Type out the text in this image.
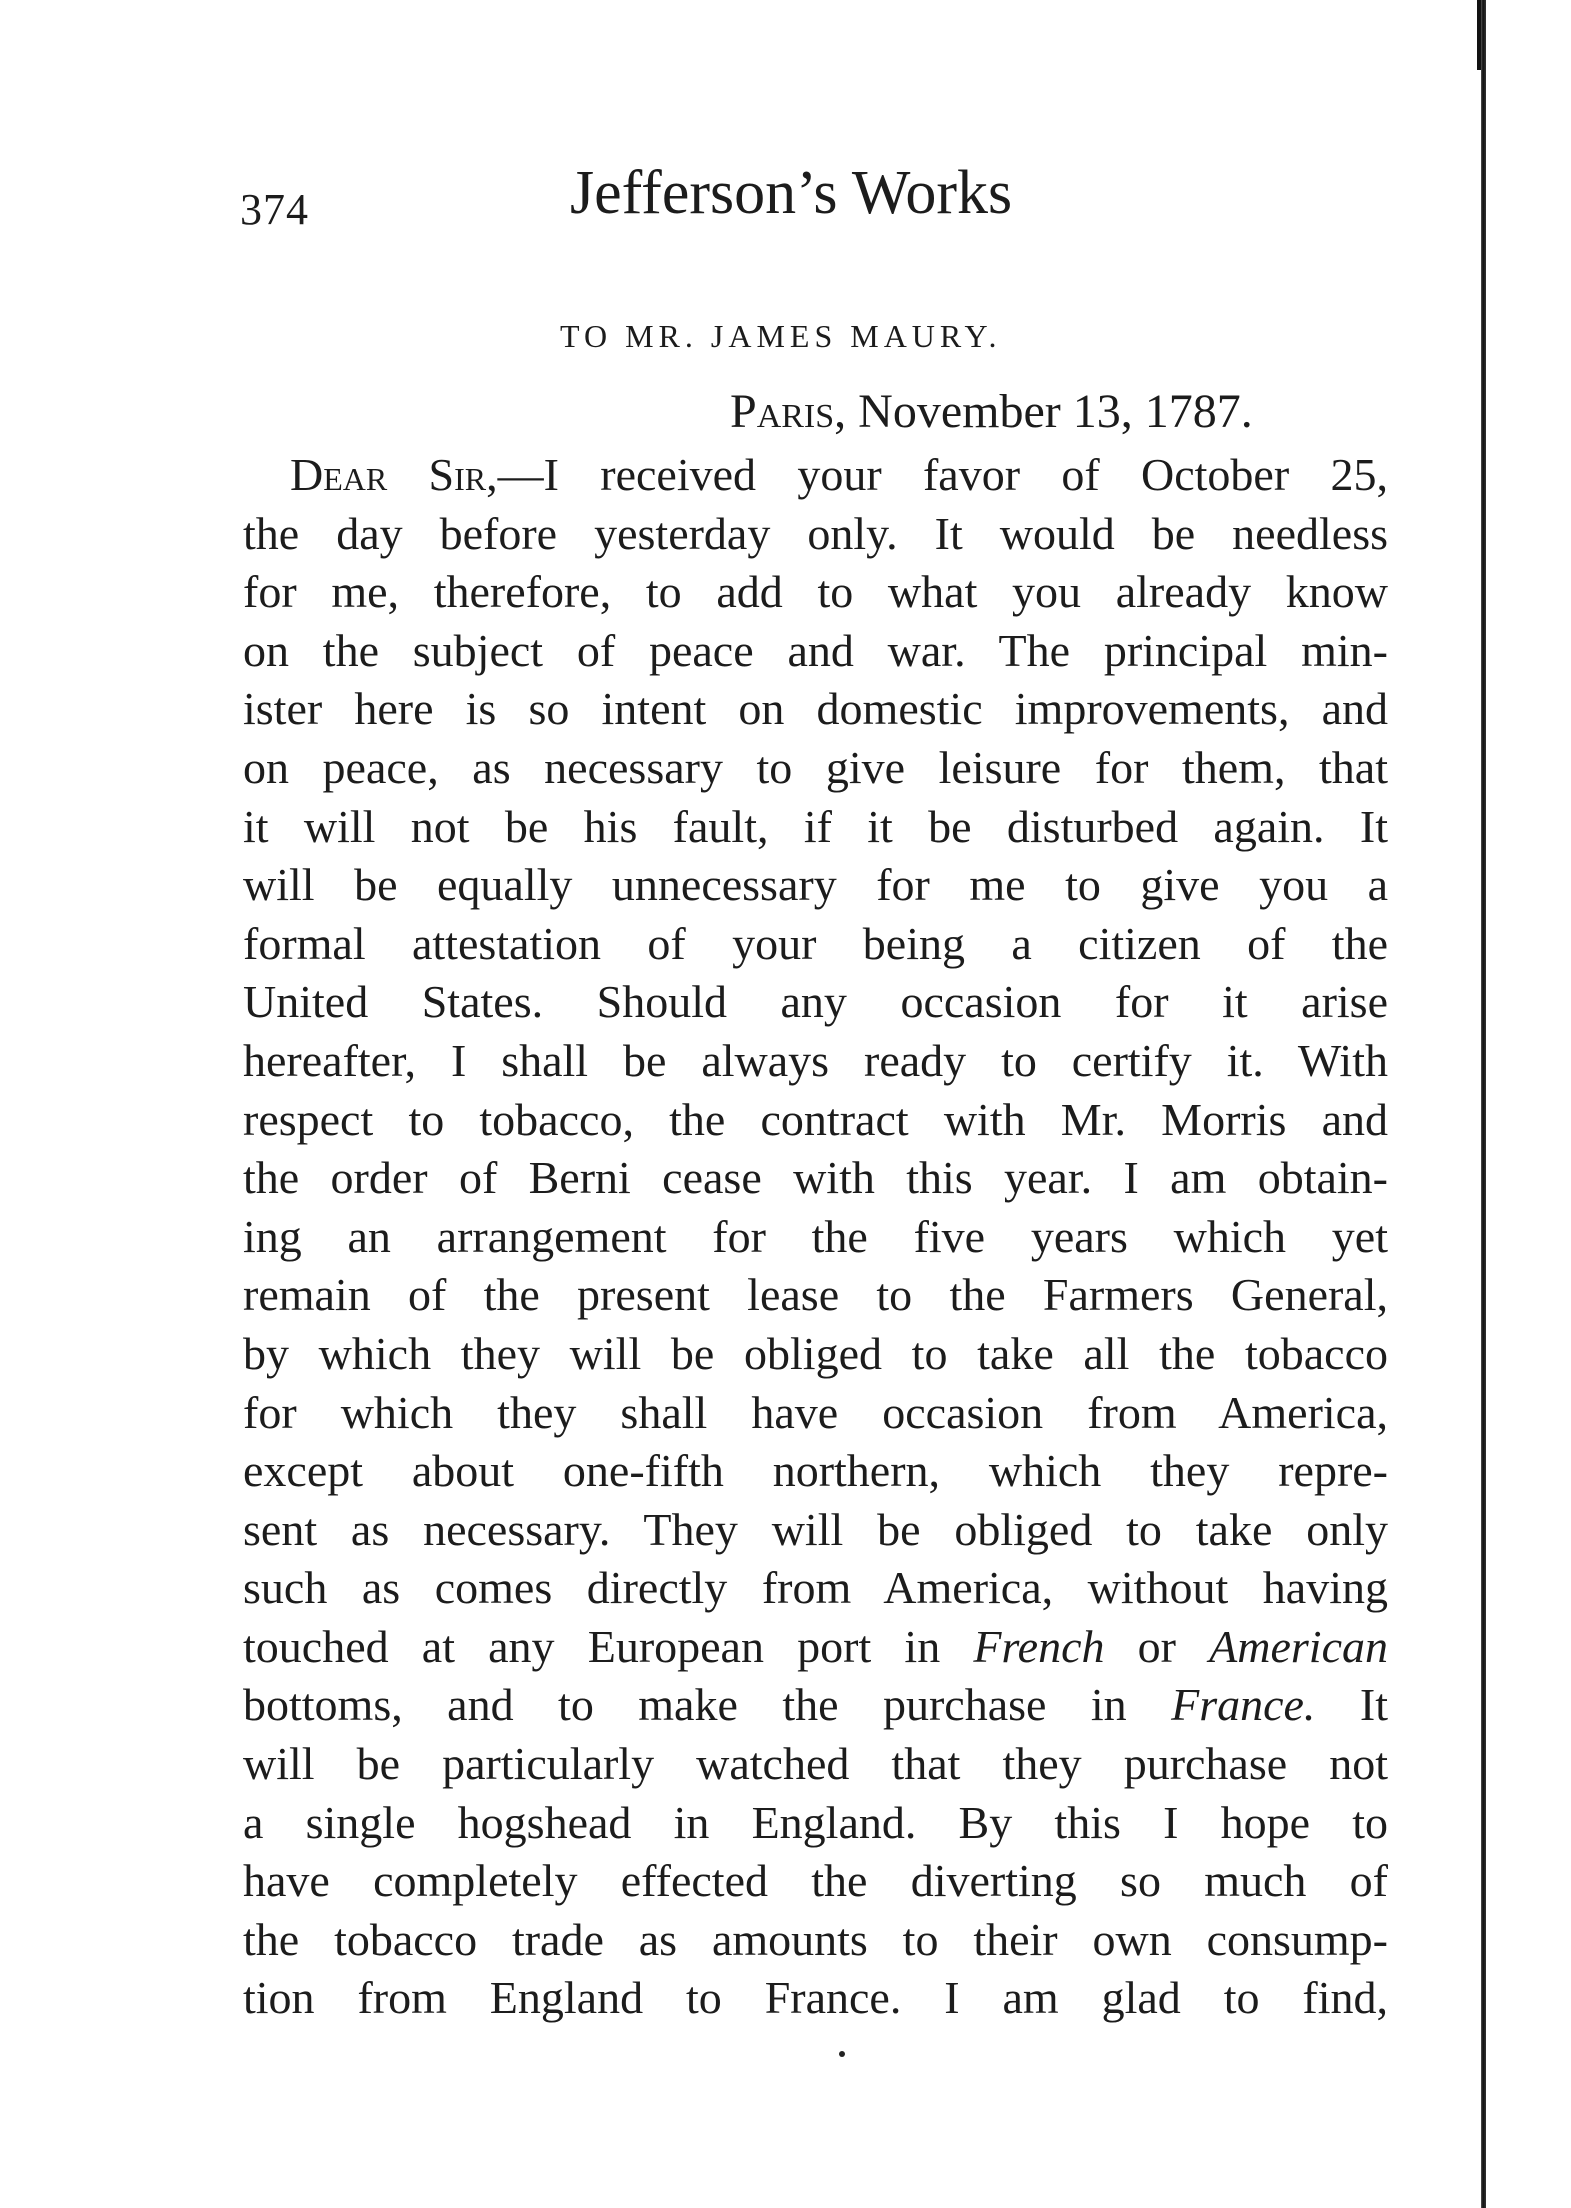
374	Jefferson’s Works
TO MR. JAMES MAURY.
Paris, November 13, 1787.
Dear Sir,—I received your favor of October 25,
the day before yesterday only. It would be needless
for me, therefore, to add to what you already know
on the subject of peace and war. The principal min-
ister here is so intent on domestic improvements, and
on peace, as necessary to give leisure for them, that
it will not be his fault, if it be disturbed again. It
will be equally unnecessary for me to give you a
formal attestation of your being a citizen of the
United States. Should any occasion for it arise
hereafter, I shall be always ready to certify it. With
respect to tobacco, the contract with Mr. Morris and
the order of Berni cease with this year. I am obtain-
ing an arrangement for the five years which yet
remain of the present lease to the Farmers General,
by which they will be obliged to take all the tobacco
for which they shall have occasion from America,
except about one-fifth northern, which they repre-
sent as necessary. They will be obliged to take only
such as comes directly from America, without having
touched at any European port in French or American
bottoms, and to make the purchase in France. It
will be particularly watched that they purchase not
a single hogshead in England. By this I hope to
have completely effected the diverting so much of
the tobacco trade as amounts to their own consump-
tion from England to France. I am glad to find,
